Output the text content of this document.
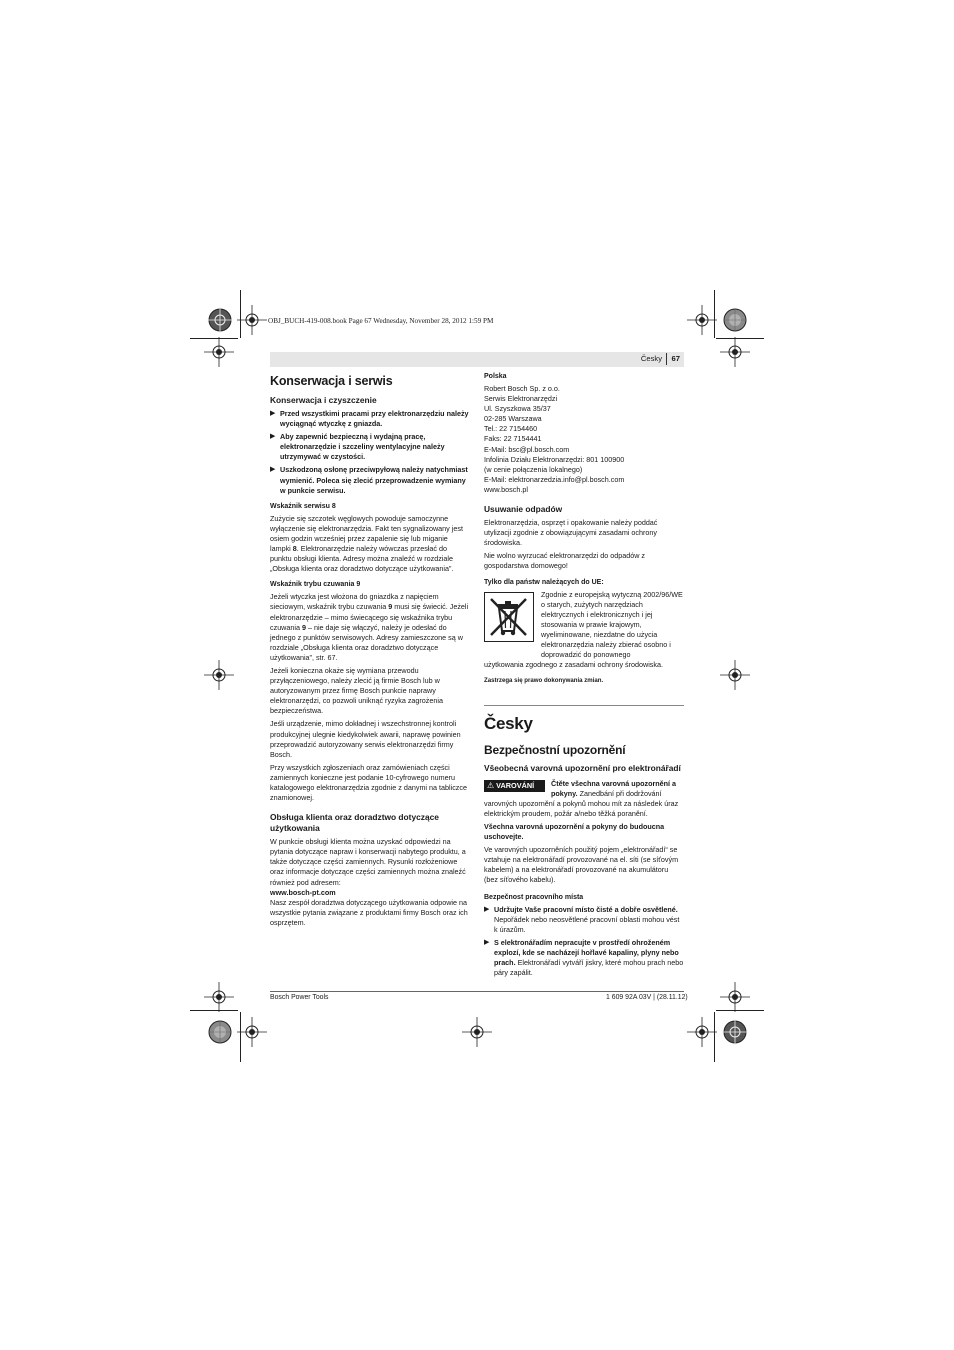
OBJ_BUCH-419-008.book Page 67 Wednesday, November 28, 2012 1:59 PM
Česky 67
Konserwacja i serwis
Konserwacja i czyszczenie
▶ Przed wszystkimi pracami przy elektronarzędziu należy wyciągnąć wtyczkę z gniazda.
▶ Aby zapewnić bezpieczną i wydajną pracę, elektronarzędzie i szczeliny wentylacyjne należy utrzymywać w czystości.
▶ Uszkodzoną osłonę przeciwpyłową należy natychmiast wymienić. Poleca się zlecić przeprowadzenie wymiany w punkcie serwisu.
Wskaźnik serwisu 8

Zużycie się szczotek węglowych powoduje samoczynne wyłączenie się elektronarzędzia. Fakt ten sygnalizowany jest osiem godzin wcześniej przez zapalenie się lub miganie lampki 8. Elektronarzędzie należy wówczas przesłać do punktu obsługi klienta. Adresy można znaleźć w rozdziale „Obsługa klienta oraz doradztwo dotyczące użytkowania”.

Wskaźnik trybu czuwania 9

Jeżeli wtyczka jest włożona do gniazdka z napięciem sieciowym, wskaźnik trybu czuwania 9 musi się świecić. Jeżeli elektronarzędzie – mimo świecącego się wskaźnika trybu czuwania 9 – nie daje się włączyć, należy je odesłać do jednego z punktów serwisowych. Adresy zamieszczone są w rozdziale „Obsługa klienta oraz doradztwo dotyczące użytkowania”, str. 67.

Jeżeli konieczna okaże się wymiana przewodu przyłączeniowego, należy zlecić ją firmie Bosch lub w autoryzowanym przez firmę Bosch punkcie naprawy elektronarzędzi, co pozwoli uniknąć ryzyka zagrożenia bezpieczeństwa.

Jeśli urządzenie, mimo dokładnej i wszechstronnej kontroli produkcyjnej ulegnie kiedykolwiek awarii, naprawę powinien przeprowadzić autoryzowany serwis elektronarzędzi firmy Bosch.

Przy wszystkich zgłoszeniach oraz zamówieniach części zamiennych konieczne jest podanie 10-cyfrowego numeru katalogowego elektronarzędzia zgodnie z danymi na tabliczce znamionowej.

Obsługa klienta oraz doradztwo dotyczące użytkowania

W punkcie obsługi klienta można uzyskać odpowiedzi na pytania dotyczące napraw i konserwacji nabytego produktu, a także dotyczące części zamiennych. Rysunki rozłożeniowe oraz informacje dotyczące części zamiennych można znaleźć również pod adresem:

www.bosch-pt.com

Nasz zespół doradztwa dotyczącego użytkowania odpowie na wszystkie pytania związane z produktami firmy Bosch oraz ich osprzętem.

Polska
Robert Bosch Sp. z o.o.
Serwis Elektronarzędzi
Ul. Szyszkowa 35/37
02-285 Warszawa
Tel.: 22 7154460
Faks: 22 7154441
E-Mail: bsc@pl.bosch.com
Infolinia Działu Elektronarzędzi: 801 100900
(w cenie połączenia lokalnego)
E-Mail: elektronarzedzia.info@pl.bosch.com
www.bosch.pl
Usuwanie odpadów

Elektronarzędzia, osprzęt i opakowanie należy poddać utylizacji zgodnie z obowiązującymi zasadami ochrony środowiska.

Nie wolno wyrzucać elektronarzędzi do odpadów z gospodarstwa domowego!

Tylko dla państw należących do UE:
Zgodnie z europejską wytyczną 2002/96/WE o starych, zużytych narzędziach elektrycznych i elektronicznych i jej stosowania w prawie krajowym, wyeliminowane, niezdatne do użycia elektronarzędzia należy zbierać osobno i doprowadzić do ponownego

użytkowania zgodnego z zasadami ochrony środowiska.

Zastrzega się prawo dokonywania zmian.
Česky
Bezpečnostní upozornění
Všeobecná varovná upozornění pro elektronářadí
⚠ VAROVÁNÍ Čtěte všechna varovná upozornění a pokyny. Zanedbání při dodržování varovných upozornění a pokynů mohou mít za následek úraz elektrickým proudem, požár a/nebo těžká poranění.

Všechna varovná upozornění a pokyny do budoucna uschovejte.

Ve varovných upozorněních použitý pojem „elektronářadí“ se vztahuje na elektronářadí provozované na el. síti (se síťovým kabelem) a na elektronářadí provozované na akumulátoru (bez síťového kabelu).

Bezpečnost pracovního místa
▶ Udržujte Vaše pracovní místo čisté a dobře osvětlené. Nepořádek nebo neosvětlené pracovní oblasti mohou vést k úrazům.
▶ S elektronářadím nepracujte v prostředí ohroženém explozí, kde se nacházejí hořlavé kapaliny, plyny nebo prach. Elektronářadí vytváří jiskry, které mohou prach nebo páry zapálit.
Bosch Power Tools	1 609 92A 03V | (28.11.12)
